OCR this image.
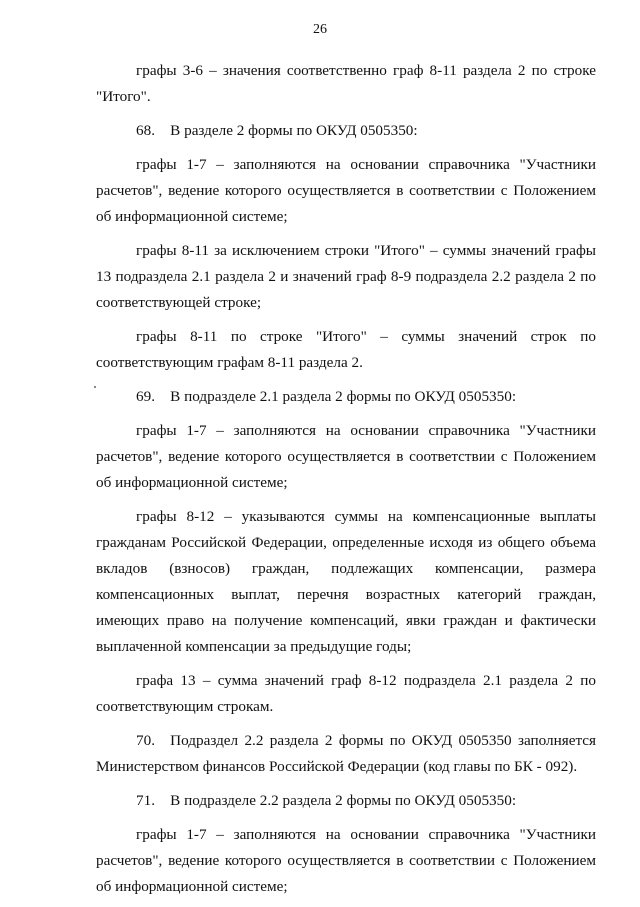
26

графы 3-6 – значения соответственно граф 8-11 раздела 2 по строке "Итого".

68. В разделе 2 формы по ОКУД 0505350:

графы 1-7 – заполняются на основании справочника "Участники расчетов", ведение которого осуществляется в соответствии с Положением об информационной системе;

графы 8-11 за исключением строки "Итого" – суммы значений графы 13 подраздела 2.1 раздела 2 и значений граф 8-9 подраздела 2.2 раздела 2 по соответствующей строке;

графы 8-11 по строке "Итого" – суммы значений строк по соответствующим графам 8-11 раздела 2.

69. В подразделе 2.1 раздела 2 формы по ОКУД 0505350:

графы 1-7 – заполняются на основании справочника "Участники расчетов", ведение которого осуществляется в соответствии с Положением об информационной системе;

графы 8-12 – указываются суммы на компенсационные выплаты гражданам Российской Федерации, определенные исходя из общего объема вкладов (взносов) граждан, подлежащих компенсации, размера компенсационных выплат, перечня возрастных категорий граждан, имеющих право на получение компенсаций, явки граждан и фактически выплаченной компенсации за предыдущие годы;

графа 13 – сумма значений граф 8-12 подраздела 2.1 раздела 2 по соответствующим строкам.

70. Подраздел 2.2 раздела 2 формы по ОКУД 0505350 заполняется Министерством финансов Российской Федерации (код главы по БК - 092).

71. В подразделе 2.2 раздела 2 формы по ОКУД 0505350:

графы 1-7 – заполняются на основании справочника "Участники расчетов", ведение которого осуществляется в соответствии с Положением об информационной системе;
